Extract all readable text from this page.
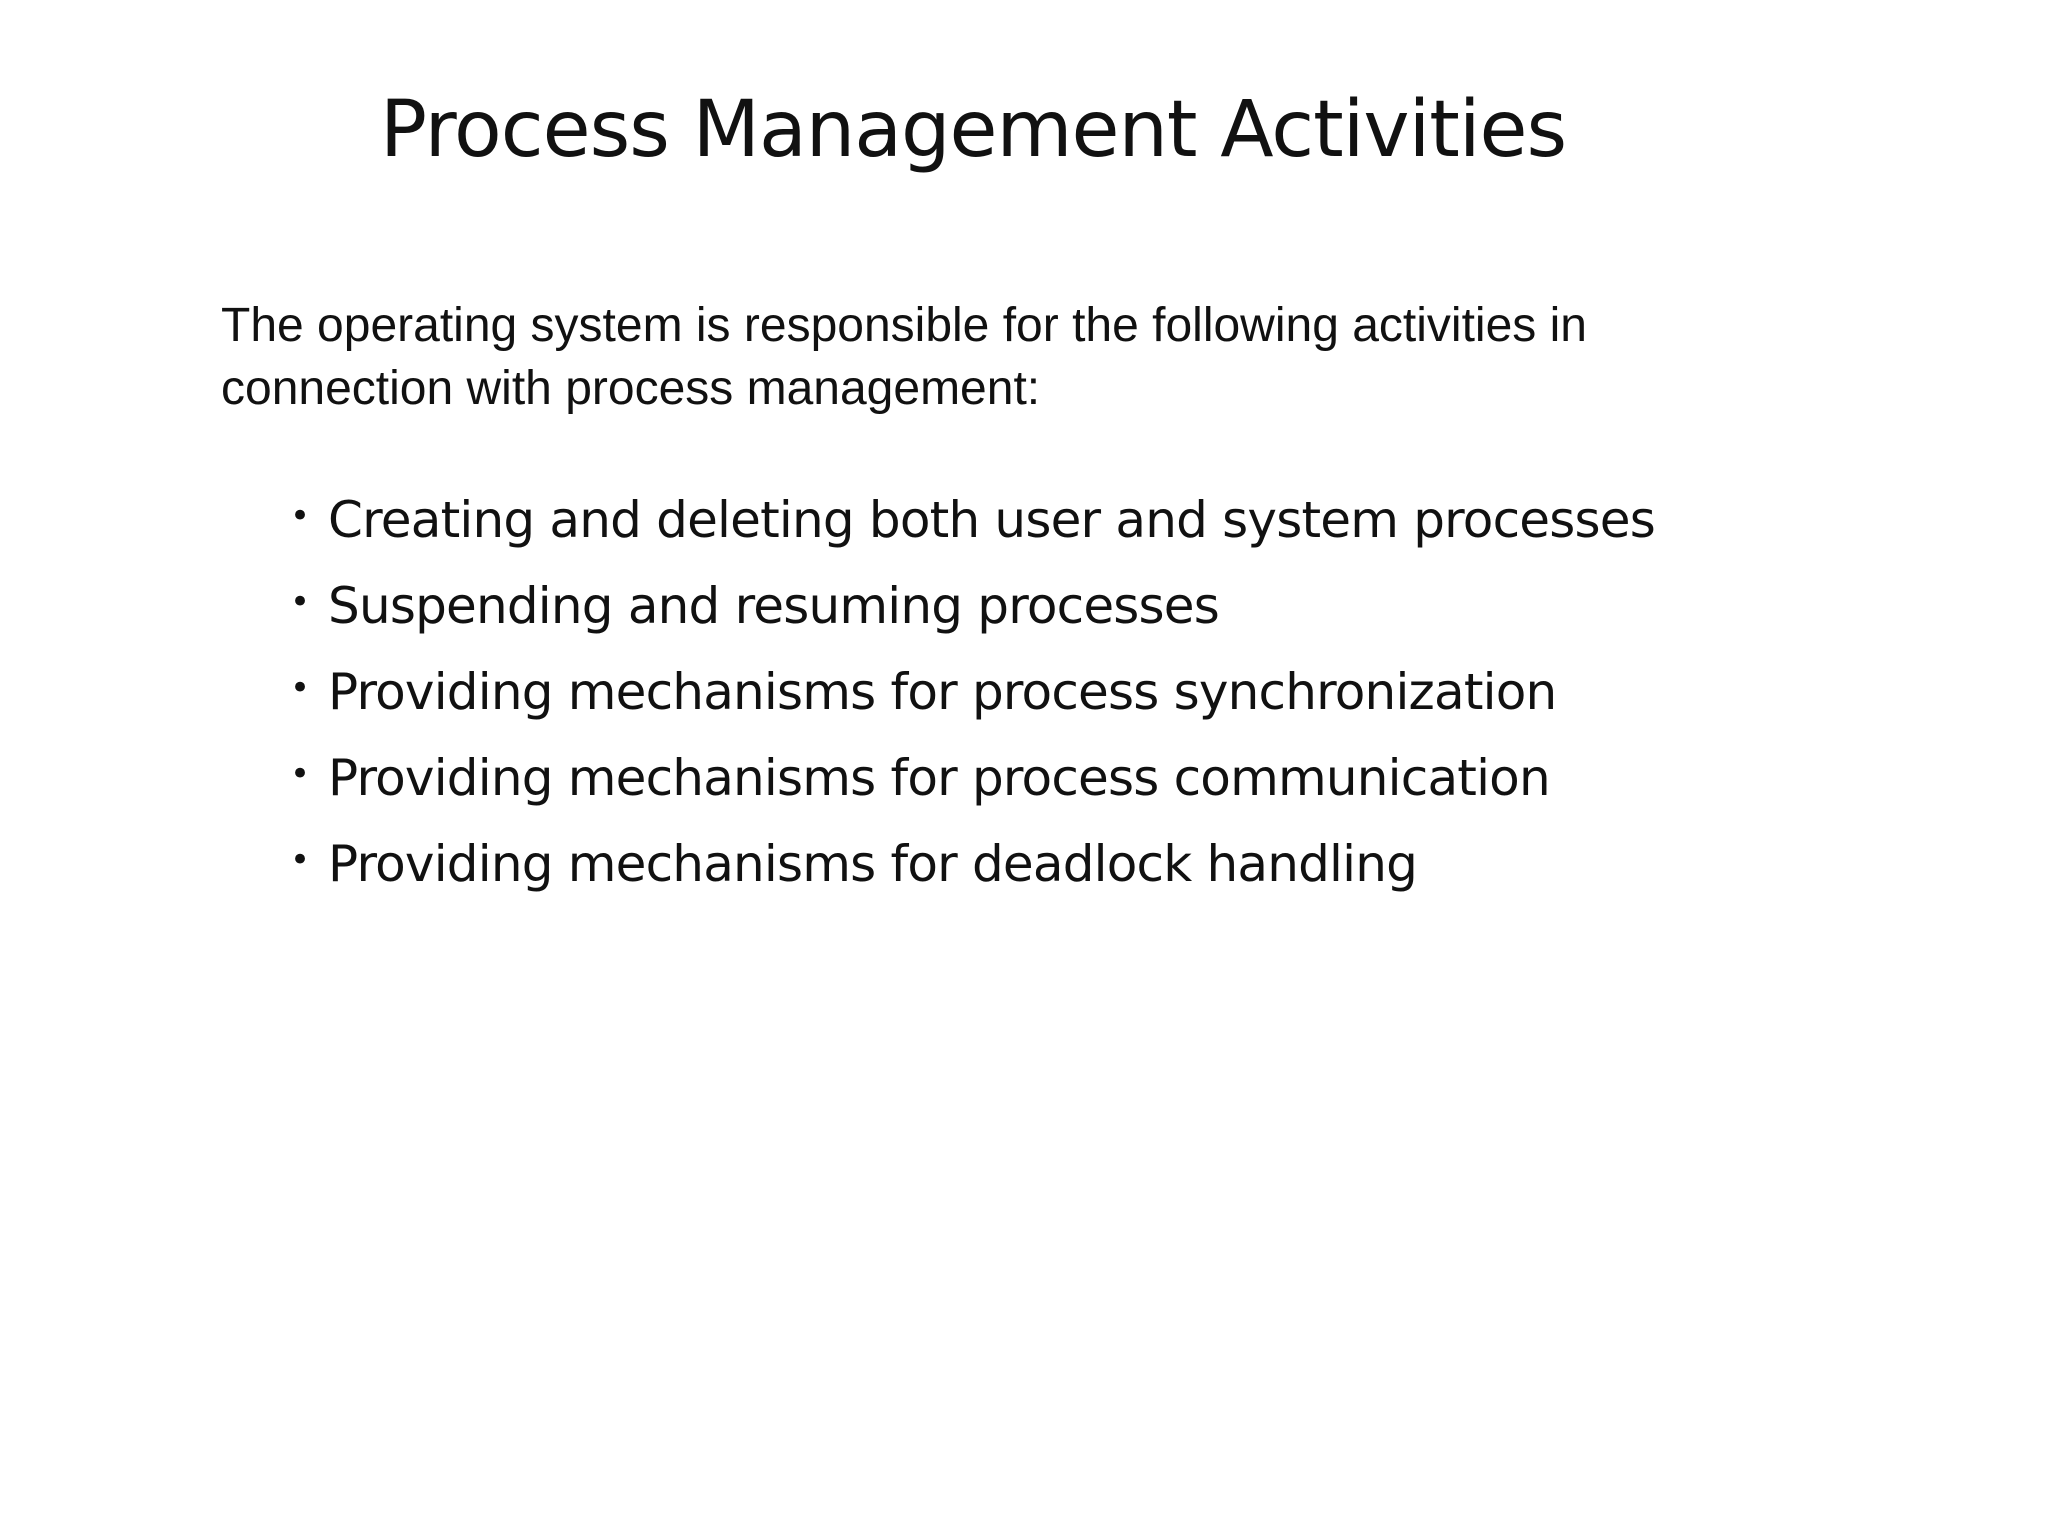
Process Management Activities

The operating system is responsible for the following activities in connection with process management:

• Creating and deleting both user and system processes
• Suspending and resuming processes
• Providing mechanisms for process synchronization
• Providing mechanisms for process communication
• Providing mechanisms for deadlock handling
